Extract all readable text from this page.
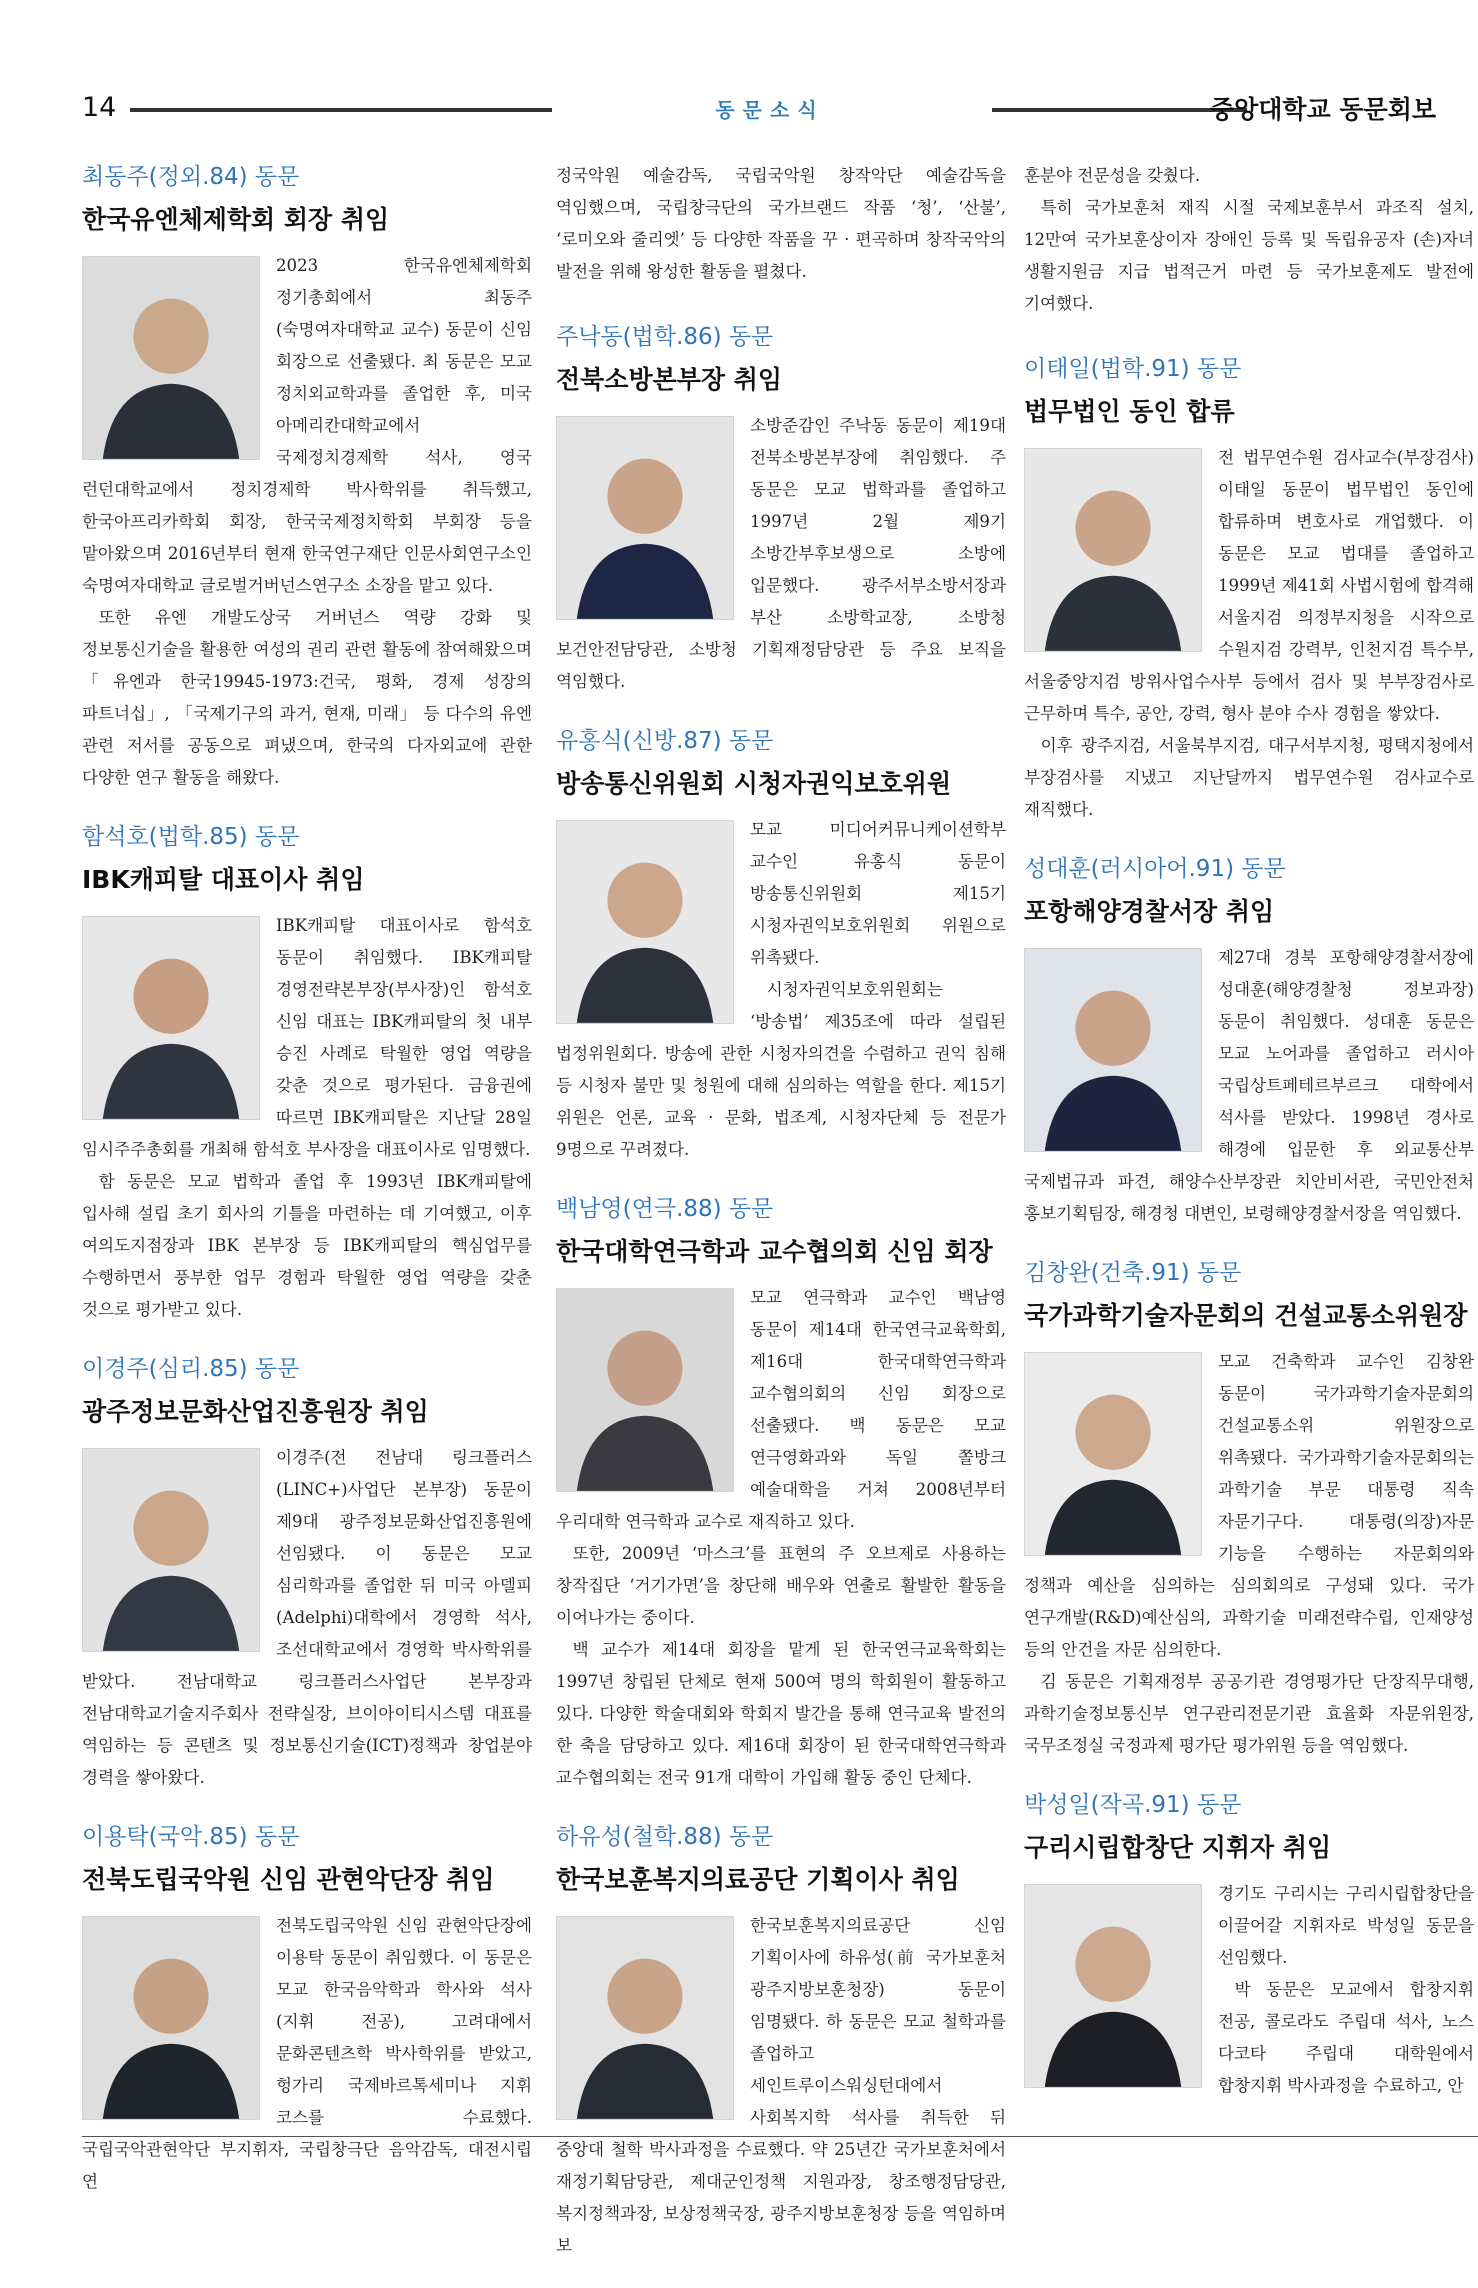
14	동문소식	중앙대학교 동문회보
최동주(정외.84) 동문
한국유엔체제학회 회장 취임

2023 한국유엔체제학회 정기총회에서 최동주(숙명여자대학교 교수) 동문이 신임 회장으로 선출됐다. 최 동문은 모교 정치외교학과를 졸업한 후, 미국 아메리칸대학교에서 국제정치경제학 석사, 영국 런던대학교에서 정치경제학 박사학위를 취득했고, 한국아프리카학회 회장, 한국국제정치학회 부회장 등을 맡아왔으며 2016년부터 현재 한국연구재단 인문사회연구소인 숙명여자대학교 글로벌거버넌스연구소 소장을 맡고 있다.

또한 유엔 개발도상국 거버넌스 역량 강화 및 정보통신기술을 활용한 여성의 권리 관련 활동에 참여해왔으며 「유엔과 한국19945-1973:건국, 평화, 경제 성장의 파트너십」, 「국제기구의 과거, 현재, 미래」 등 다수의 유엔 관련 저서를 공동으로 펴냈으며, 한국의 다자외교에 관한 다양한 연구 활동을 해왔다.

함석호(법학.85) 동문
IBK캐피탈 대표이사 취임

IBK캐피탈 대표이사로 함석호 동문이 취임했다. IBK캐피탈 경영전략본부장(부사장)인 함석호 신임 대표는 IBK캐피탈의 첫 내부 승진 사례로 탁월한 영업 역량을 갖춘 것으로 평가된다. 금융권에 따르면 IBK캐피탈은 지난달 28일 임시주주총회를 개최해 함석호 부사장을 대표이사로 임명했다.

함 동문은 모교 법학과 졸업 후 1993년 IBK캐피탈에 입사해 설립 초기 회사의 기틀을 마련하는 데 기여했고, 이후 여의도지점장과 IBK 본부장 등 IBK캐피탈의 핵심업무를 수행하면서 풍부한 업무 경험과 탁월한 영업 역량을 갖춘 것으로 평가받고 있다.

이경주(심리.85) 동문
광주정보문화산업진흥원장 취임

이경주(전 전남대 링크플러스(LINC+)사업단 본부장) 동문이 제9대 광주정보문화산업진흥원에 선임됐다. 이 동문은 모교 심리학과를 졸업한 뒤 미국 아델피(Adelphi)대학에서 경영학 석사, 조선대학교에서 경영학 박사학위를 받았다. 전남대학교 링크플러스사업단 본부장과 전남대학교기술지주회사 전략실장, 브이아이티시스템 대표를 역임하는 등 콘텐츠 및 정보통신기술(ICT)정책과 창업분야 경력을 쌓아왔다.

이용탁(국악.85) 동문
전북도립국악원 신임 관현악단장 취임

전북도립국악원 신임 관현악단장에 이용탁 동문이 취임했다. 이 동문은 모교 한국음악학과 학사와 석사(지휘 전공), 고려대에서 문화콘텐츠학 박사학위를 받았고, 헝가리 국제바르톡세미나 지휘 코스를 수료했다. 국립국악관현악단 부지휘자, 국립창극단 음악감독, 대전시립 연

정국악원 예술감독, 국립국악원 창작악단 예술감독을 역임했으며, 국립창극단의 국가브랜드 작품 ‘청’, ‘산불’, ‘로미오와 줄리엣’ 등 다양한 작품을 꾸 · 편곡하며 창작국악의 발전을 위해 왕성한 활동을 펼쳤다.

주낙동(법학.86) 동문
전북소방본부장 취임

소방준감인 주낙동 동문이 제19대 전북소방본부장에 취임했다. 주 동문은 모교 법학과를 졸업하고 1997년 2월 제9기 소방간부후보생으로 소방에 입문했다. 광주서부소방서장과 부산 소방학교장, 소방청 보건안전담당관, 소방청 기획재정담당관 등 주요 보직을 역임했다.

유홍식(신방.87) 동문
방송통신위원회 시청자권익보호위원

모교 미디어커뮤니케이션학부 교수인 유홍식 동문이 방송통신위원회 제15기 시청자권익보호위원회 위원으로 위촉됐다.

시청자권익보호위원회는 ‘방송법’ 제35조에 따라 설립된 법정위원회다. 방송에 관한 시청자의견을 수렴하고 권익 침해 등 시청자 불만 및 청원에 대해 심의하는 역할을 한다. 제15기 위원은 언론, 교육 · 문화, 법조계, 시청자단체 등 전문가 9명으로 꾸려졌다.

백남영(연극.88) 동문
한국대학연극학과 교수협의회 신임 회장

모교 연극학과 교수인 백남영 동문이 제14대 한국연극교육학회, 제16대 한국대학연극학과 교수협의회의 신임 회장으로 선출됐다. 백 동문은 모교 연극영화과와 독일 쫄방크 예술대학을 거쳐 2008년부터 우리대학 연극학과 교수로 재직하고 있다.

또한, 2009년 ‘마스크’를 표현의 주 오브제로 사용하는 창작집단 ‘거기가면’을 창단해 배우와 연출로 활발한 활동을 이어나가는 중이다.

백 교수가 제14대 회장을 맡게 된 한국연극교육학회는 1997년 창립된 단체로 현재 500여 명의 학회원이 활동하고 있다. 다양한 학술대회와 학회지 발간을 통해 연극교육 발전의 한 축을 담당하고 있다. 제16대 회장이 된 한국대학연극학과 교수협의회는 전국 91개 대학이 가입해 활동 중인 단체다.

하유성(철학.88) 동문
한국보훈복지의료공단 기획이사 취임

한국보훈복지의료공단 신임 기획이사에 하유성(前 국가보훈처 광주지방보훈청장) 동문이 임명됐다. 하 동문은 모교 철학과를 졸업하고 세인트루이스워싱턴대에서 사회복지학 석사를 취득한 뒤 중앙대 철학 박사과정을 수료했다. 약 25년간 국가보훈처에서 재정기획담당관, 제대군인정책 지원과장, 창조행정담당관, 복지정책과장, 보상정책국장, 광주지방보훈청장 등을 역임하며 보

훈분야 전문성을 갖췄다.

특히 국가보훈처 재직 시절 국제보훈부서 과조직 설치, 12만여 국가보훈상이자 장애인 등록 및 독립유공자 (손)자녀 생활지원금 지급 법적근거 마련 등 국가보훈제도 발전에 기여했다.

이태일(법학.91) 동문
법무법인 동인 합류

전 법무연수원 검사교수(부장검사) 이태일 동문이 법무법인 동인에 합류하며 변호사로 개업했다. 이 동문은 모교 법대를 졸업하고 1999년 제41회 사법시험에 합격해 서울지검 의정부지청을 시작으로 수원지검 강력부, 인천지검 특수부, 서울중앙지검 방위사업수사부 등에서 검사 및 부부장검사로 근무하며 특수, 공안, 강력, 형사 분야 수사 경험을 쌓았다.

이후 광주지검, 서울북부지검, 대구서부지청, 평택지청에서 부장검사를 지냈고 지난달까지 법무연수원 검사교수로 재직했다.

성대훈(러시아어.91) 동문
포항해양경찰서장 취임

제27대 경북 포항해양경찰서장에 성대훈(해양경찰청 정보과장) 동문이 취임했다. 성대훈 동문은 모교 노어과를 졸업하고 러시아 국립상트페테르부르크 대학에서 석사를 받았다. 1998년 경사로 해경에 입문한 후 외교통산부 국제법규과 파견, 해양수산부장관 치안비서관, 국민안전처 홍보기획팀장, 해경청 대변인, 보령해양경찰서장을 역임했다.

김창완(건축.91) 동문
국가과학기술자문회의 건설교통소위원장

모교 건축학과 교수인 김창완 동문이 국가과학기술자문회의 건설교통소위 위원장으로 위촉됐다. 국가과학기술자문회의는 과학기술 부문 대통령 직속 자문기구다. 대통령(의장)자문 기능을 수행하는 자문회의와 정책과 예산을 심의하는 심의회의로 구성돼 있다. 국가 연구개발(R&D)예산심의, 과학기술 미래전략수립, 인재양성 등의 안건을 자문 심의한다.

김 동문은 기획재정부 공공기관 경영평가단 단장직무대행, 과학기술정보통신부 연구관리전문기관 효율화 자문위원장, 국무조정실 국정과제 평가단 평가위원 등을 역임했다.

박성일(작곡.91) 동문
구리시립합창단 지휘자 취임

경기도 구리시는 구리시립합창단을 이끌어갈 지휘자로 박성일 동문을 선임했다.

박 동문은 모교에서 합창지휘 전공, 콜로라도 주립대 석사, 노스 다코타 주립대 대학원에서 합창지휘 박사과정을 수료하고, 안
